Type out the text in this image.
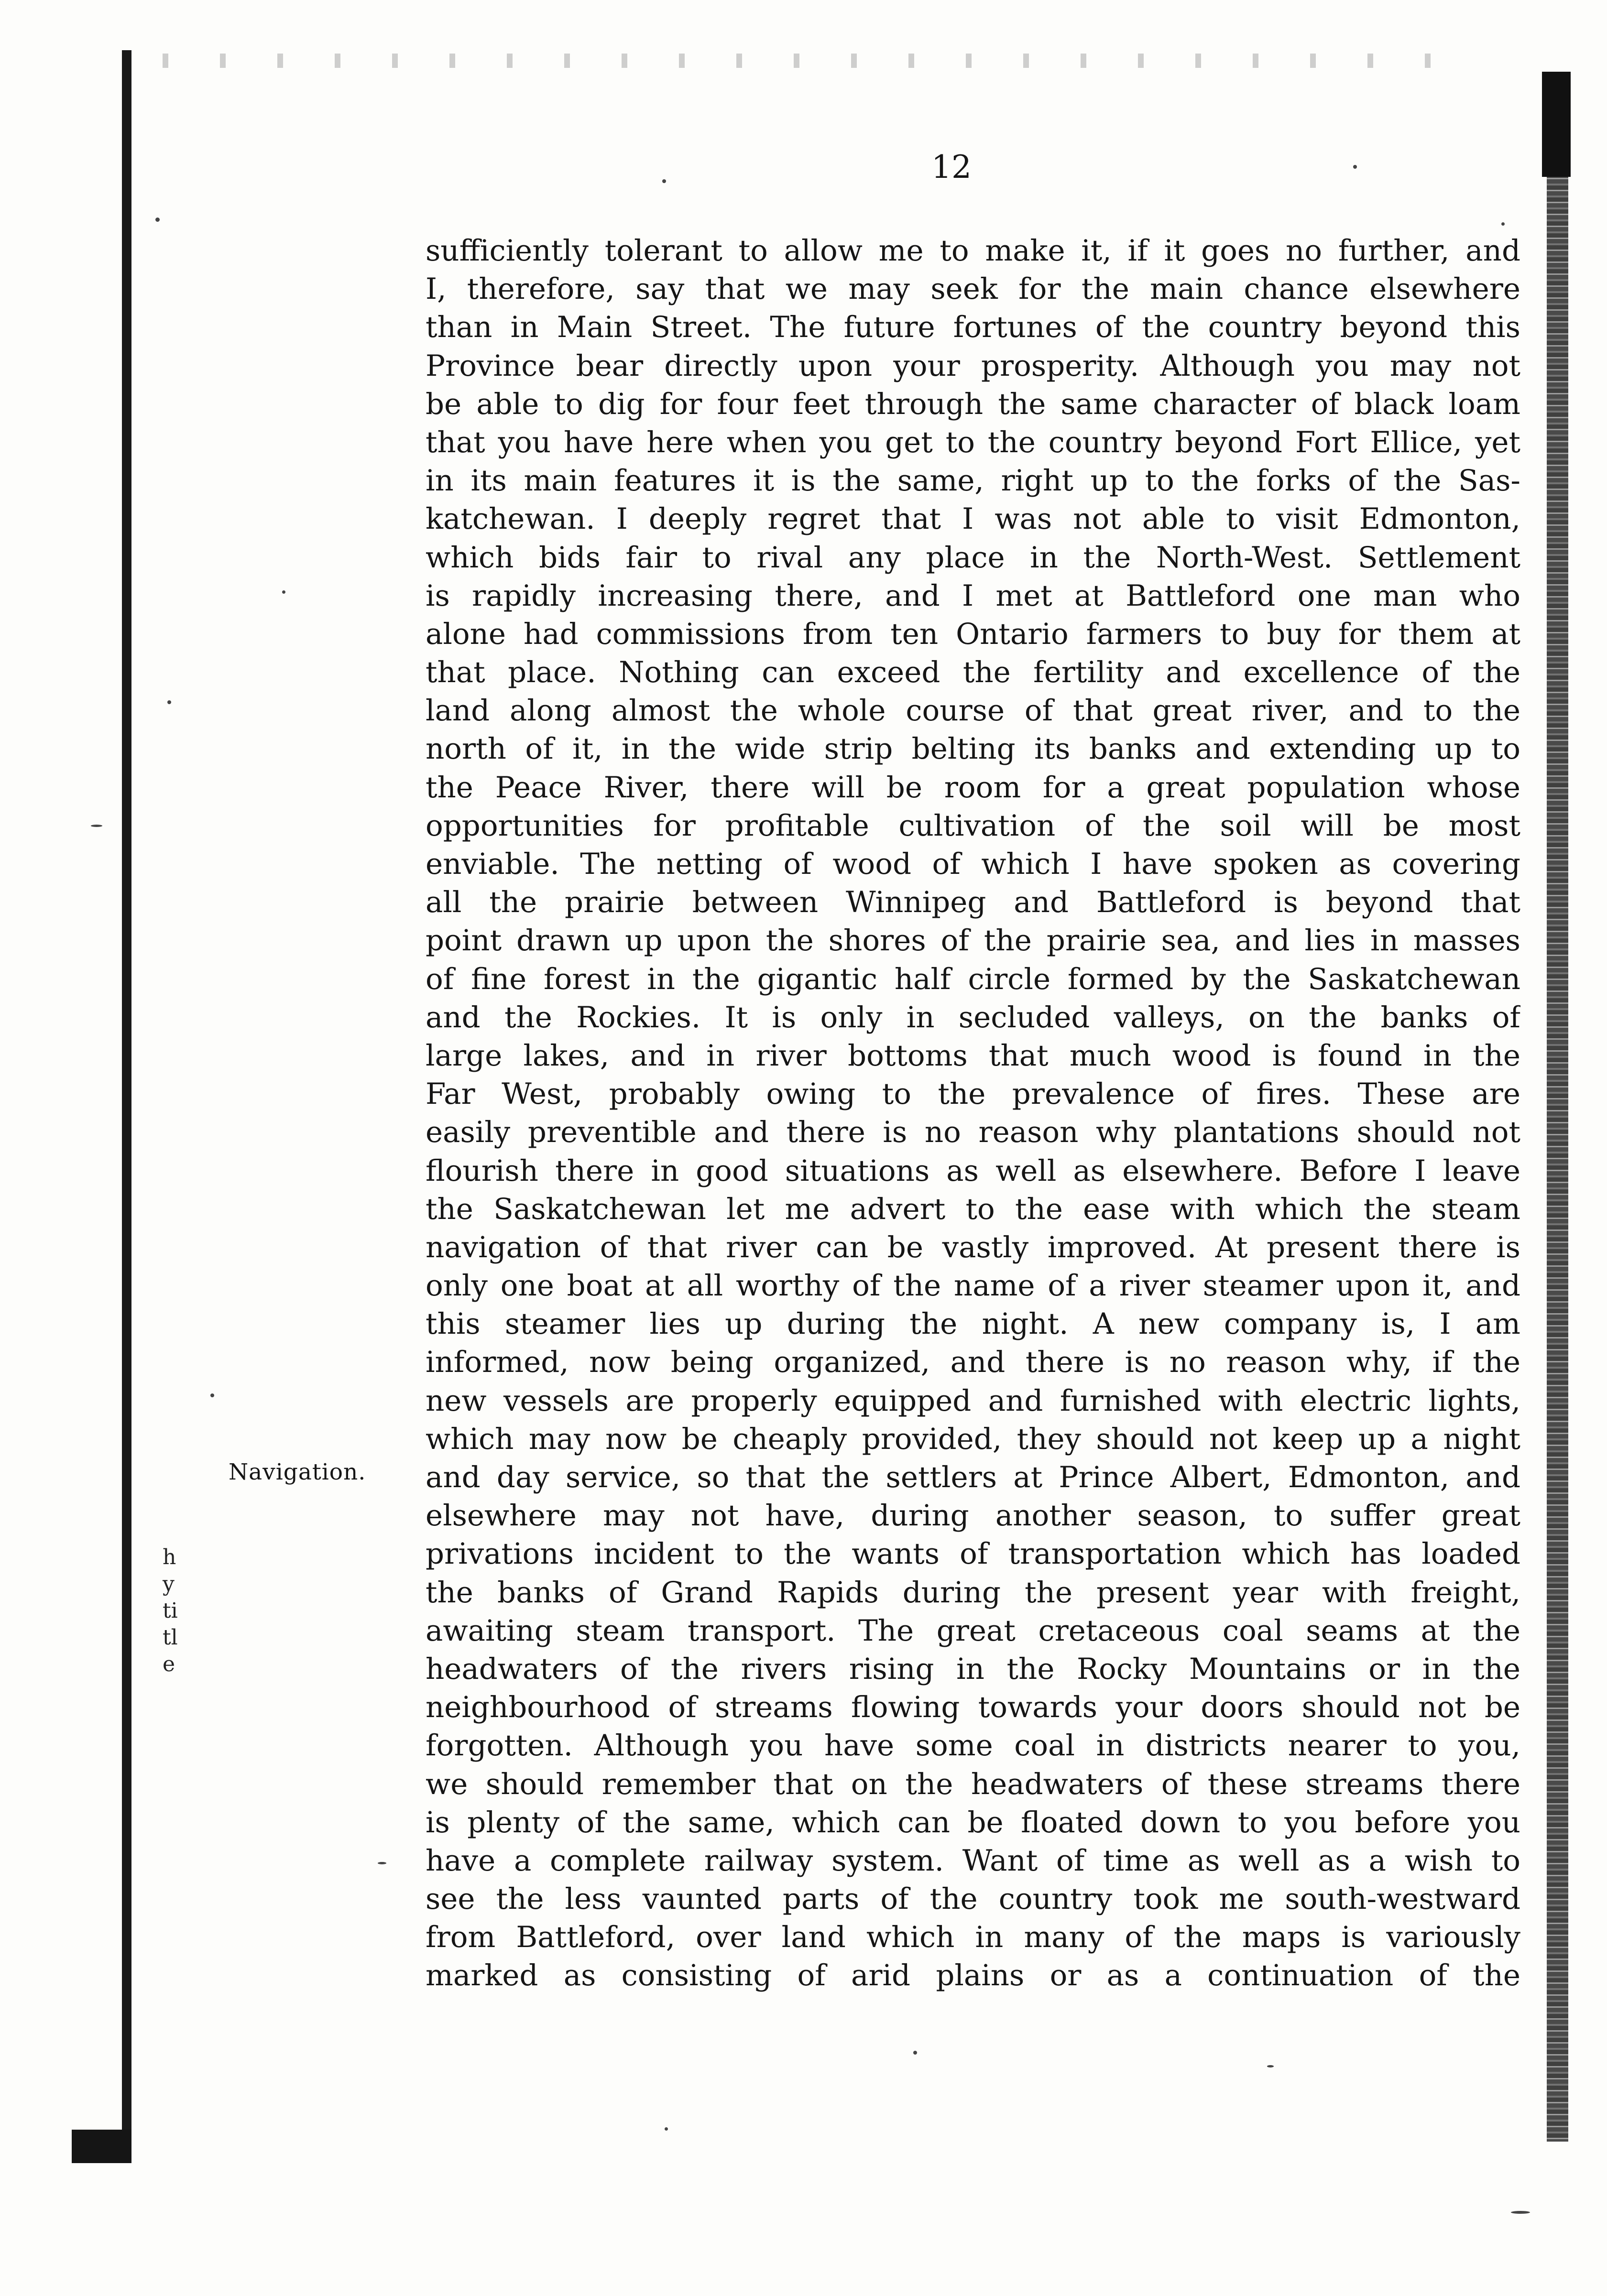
12
Navigation.
h
y
ti
tl
e
sufficiently tolerant to allow me to make it, if it goes no further, and
I, therefore, say that we may seek for the main chance elsewhere
than in Main Street. The future fortunes of the country beyond this
Province bear directly upon your prosperity. Although you may not
be able to dig for four feet through the same character of black loam
that you have here when you get to the country beyond Fort Ellice, yet
in its main features it is the same, right up to the forks of the Sas-
katchewan. I deeply regret that I was not able to visit Edmonton,
which bids fair to rival any place in the North-West. Settlement
is rapidly increasing there, and I met at Battleford one man who
alone had commissions from ten Ontario farmers to buy for them at
that place. Nothing can exceed the fertility and excellence of the
land along almost the whole course of that great river, and to the
north of it, in the wide strip belting its banks and extending up to
the Peace River, there will be room for a great population whose
opportunities for profitable cultivation of the soil will be most
enviable. The netting of wood of which I have spoken as covering
all the prairie between Winnipeg and Battleford is beyond that
point drawn up upon the shores of the prairie sea, and lies in masses
of fine forest in the gigantic half circle formed by the Saskatchewan
and the Rockies. It is only in secluded valleys, on the banks of
large lakes, and in river bottoms that much wood is found in the
Far West, probably owing to the prevalence of fires. These are
easily preventible and there is no reason why plantations should not
flourish there in good situations as well as elsewhere. Before I leave
the Saskatchewan let me advert to the ease with which the steam
navigation of that river can be vastly improved. At present there is
only one boat at all worthy of the name of a river steamer upon it, and
this steamer lies up during the night. A new company is, I am
informed, now being organized, and there is no reason why, if the
new vessels are properly equipped and furnished with electric lights,
which may now be cheaply provided, they should not keep up a night
and day service, so that the settlers at Prince Albert, Edmonton, and
elsewhere may not have, during another season, to suffer great
privations incident to the wants of transportation which has loaded
the banks of Grand Rapids during the present year with freight,
awaiting steam transport. The great cretaceous coal seams at the
headwaters of the rivers rising in the Rocky Mountains or in the
neighbourhood of streams flowing towards your doors should not be
forgotten. Although you have some coal in districts nearer to you,
we should remember that on the headwaters of these streams there
is plenty of the same, which can be floated down to you before you
have a complete railway system. Want of time as well as a wish to
see the less vaunted parts of the country took me south-westward
from Battleford, over land which in many of the maps is variously
marked as consisting of arid plains or as a continuation of the
